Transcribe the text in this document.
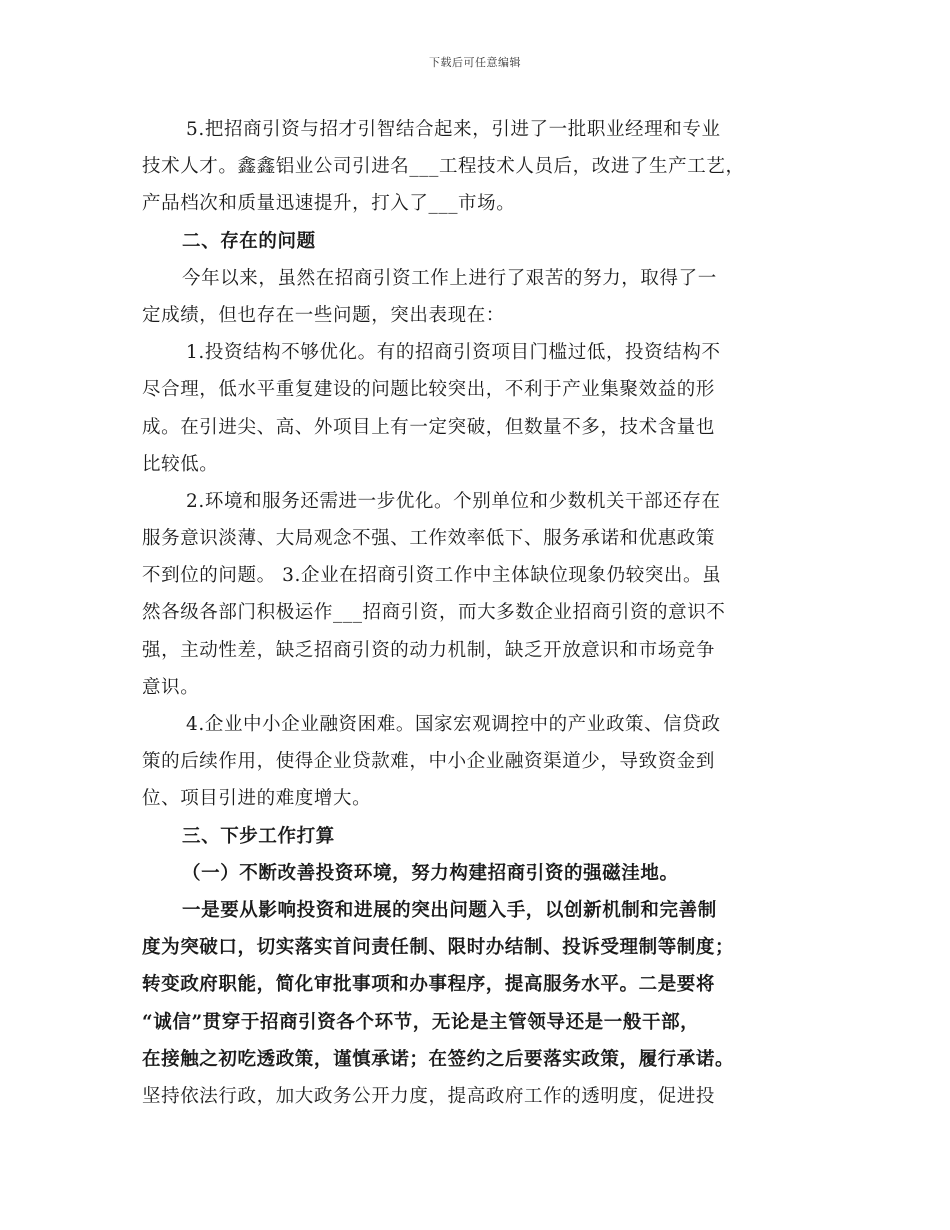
下载后可任意编辑
5.把招商引资与招才引智结合起来，引进了一批职业经理和专业
技术人才。鑫鑫铝业公司引进名___工程技术人员后，改进了生产工艺，
产品档次和质量迅速提升，打入了___市场。
二、存在的问题
今年以来，虽然在招商引资工作上进行了艰苦的努力，取得了一
定成绩，但也存在一些问题，突出表现在：
1.投资结构不够优化。有的招商引资项目门槛过低，投资结构不
尽合理，低水平重复建设的问题比较突出，不利于产业集聚效益的形
成。在引进尖、高、外项目上有一定突破，但数量不多，技术含量也
比较低。
2.环境和服务还需进一步优化。个别单位和少数机关干部还存在
服务意识淡薄、大局观念不强、工作效率低下、服务承诺和优惠政策
不到位的问题。 3.企业在招商引资工作中主体缺位现象仍较突出。虽
然各级各部门积极运作___招商引资，而大多数企业招商引资的意识不
强，主动性差，缺乏招商引资的动力机制，缺乏开放意识和市场竞争
意识。
4.企业中小企业融资困难。国家宏观调控中的产业政策、信贷政
策的后续作用，使得企业贷款难，中小企业融资渠道少，导致资金到
位、项目引进的难度增大。
三、下步工作打算
（一）不断改善投资环境，努力构建招商引资的强磁洼地。
一是要从影响投资和进展的突出问题入手，以创新机制和完善制
度为突破口，切实落实首问责任制、限时办结制、投诉受理制等制度；
转变政府职能，简化审批事项和办事程序，提高服务水平。二是要将
“诚信”贯穿于招商引资各个环节，无论是主管领导还是一般干部，
在接触之初吃透政策，谨慎承诺；在签约之后要落实政策，履行承诺。
坚持依法行政，加大政务公开力度，提高政府工作的透明度，促进投
